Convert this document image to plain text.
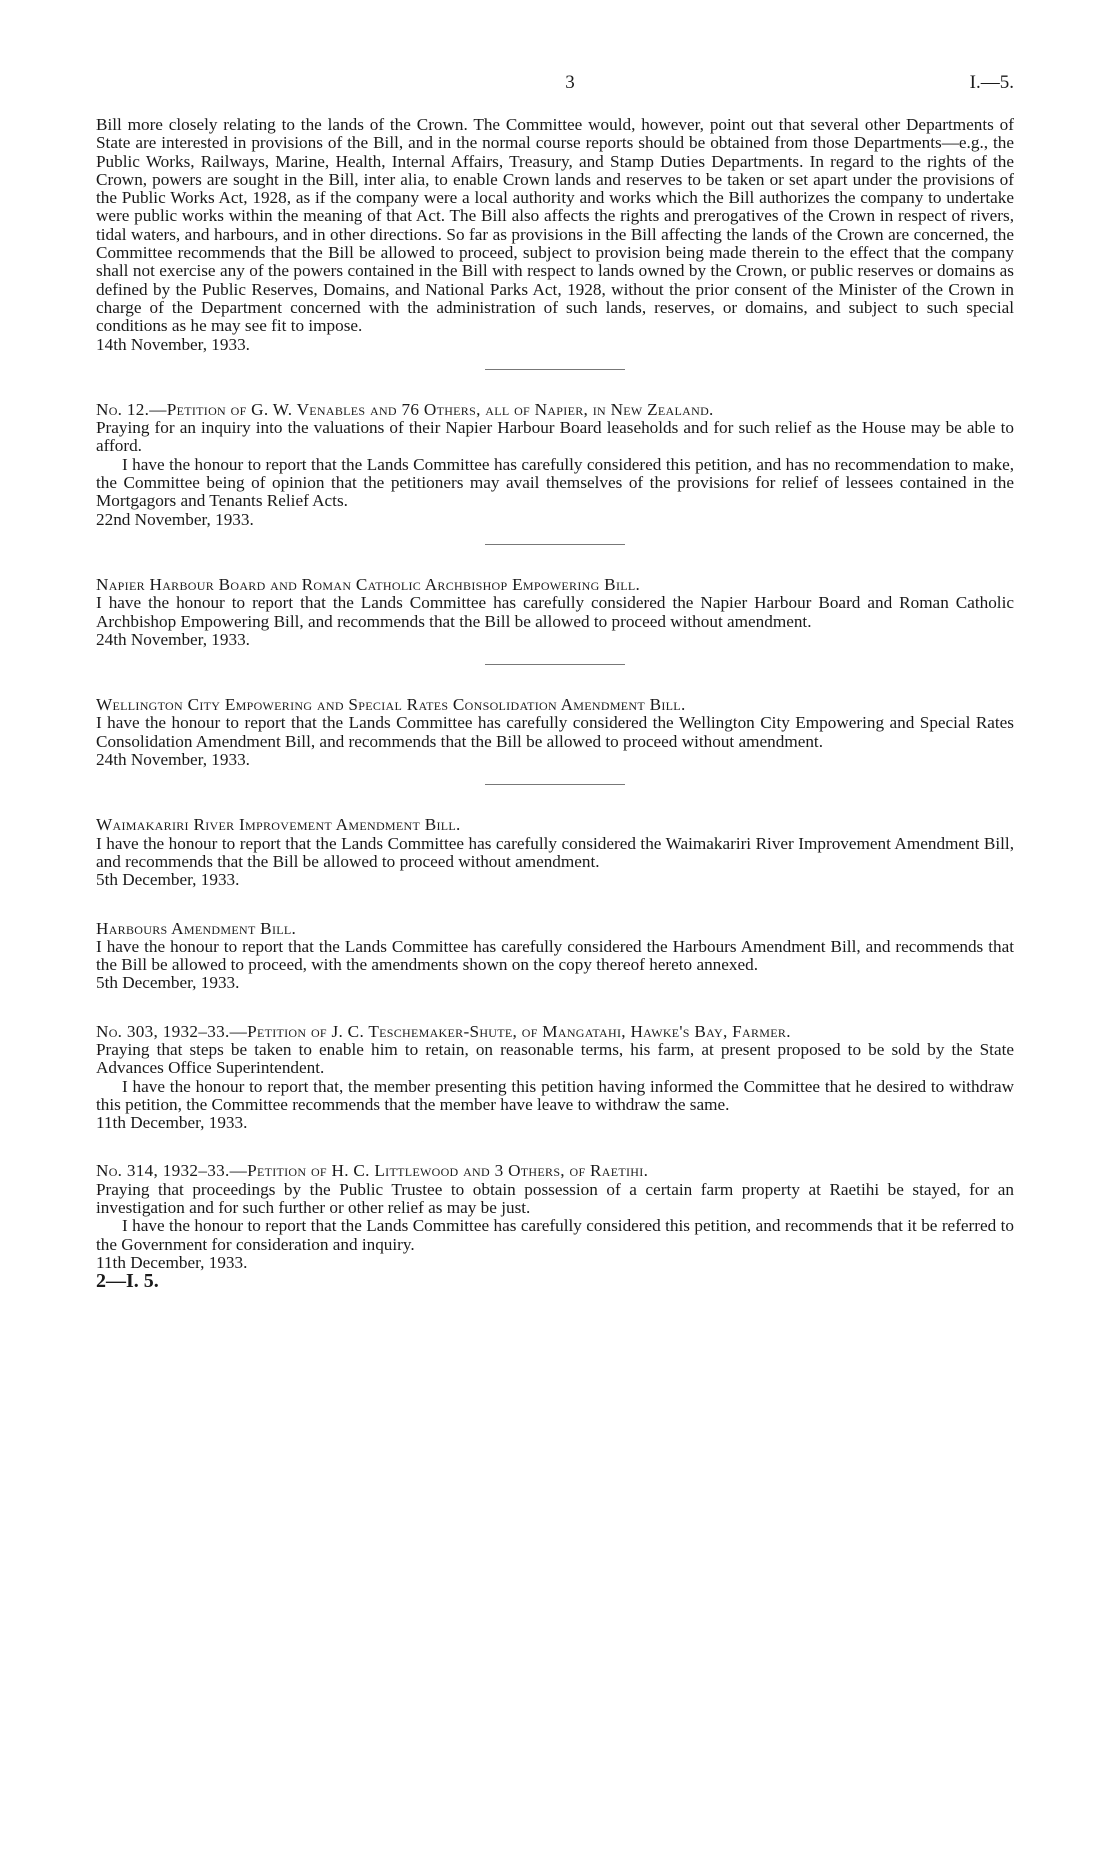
3	I.—5.

Bill more closely relating to the lands of the Crown. The Committee would, however, point out that several other Departments of State are interested in provisions of the Bill, and in the normal course reports should be obtained from those Departments—e.g., the Public Works, Railways, Marine, Health, Internal Affairs, Treasury, and Stamp Duties Departments. In regard to the rights of the Crown, powers are sought in the Bill, inter alia, to enable Crown lands and reserves to be taken or set apart under the provisions of the Public Works Act, 1928, as if the company were a local authority and works which the Bill authorizes the company to undertake were public works within the meaning of that Act. The Bill also affects the rights and prerogatives of the Crown in respect of rivers, tidal waters, and harbours, and in other directions. So far as provisions in the Bill affecting the lands of the Crown are concerned, the Committee recommends that the Bill be allowed to proceed, subject to provision being made therein to the effect that the company shall not exercise any of the powers contained in the Bill with respect to lands owned by the Crown, or public reserves or domains as defined by the Public Reserves, Domains, and National Parks Act, 1928, without the prior consent of the Minister of the Crown in charge of the Department concerned with the administration of such lands, reserves, or domains, and subject to such special conditions as he may see fit to impose.

14th November, 1933.

No. 12.—Petition of G. W. Venables and 76 Others, all of Napier, in New Zealand.

Praying for an inquiry into the valuations of their Napier Harbour Board leaseholds and for such relief as the House may be able to afford.

I have the honour to report that the Lands Committee has carefully considered this petition, and has no recommendation to make, the Committee being of opinion that the petitioners may avail themselves of the provisions for relief of lessees contained in the Mortgagors and Tenants Relief Acts.

22nd November, 1933.

Napier Harbour Board and Roman Catholic Archbishop Empowering Bill.

I have the honour to report that the Lands Committee has carefully considered the Napier Harbour Board and Roman Catholic Archbishop Empowering Bill, and recommends that the Bill be allowed to proceed without amendment.

24th November, 1933.

Wellington City Empowering and Special Rates Consolidation Amendment Bill.

I have the honour to report that the Lands Committee has carefully considered the Wellington City Empowering and Special Rates Consolidation Amendment Bill, and recommends that the Bill be allowed to proceed without amendment.

24th November, 1933.

Waimakariri River Improvement Amendment Bill.

I have the honour to report that the Lands Committee has carefully considered the Waimakariri River Improvement Amendment Bill, and recommends that the Bill be allowed to proceed without amendment.

5th December, 1933.

Harbours Amendment Bill.

I have the honour to report that the Lands Committee has carefully considered the Harbours Amendment Bill, and recommends that the Bill be allowed to proceed, with the amendments shown on the copy thereof hereto annexed.

5th December, 1933.

No. 303, 1932–33.—Petition of J. C. Teschemaker-Shute, of Mangatahi, Hawke's Bay, Farmer.

Praying that steps be taken to enable him to retain, on reasonable terms, his farm, at present proposed to be sold by the State Advances Office Superintendent.

I have the honour to report that, the member presenting this petition having informed the Committee that he desired to withdraw this petition, the Committee recommends that the member have leave to withdraw the same.

11th December, 1933.

No. 314, 1932–33.—Petition of H. C. Littlewood and 3 Others, of Raetihi.

Praying that proceedings by the Public Trustee to obtain possession of a certain farm property at Raetihi be stayed, for an investigation and for such further or other relief as may be just.

I have the honour to report that the Lands Committee has carefully considered this petition, and recommends that it be referred to the Government for consideration and inquiry.

11th December, 1933.

2—I. 5.
